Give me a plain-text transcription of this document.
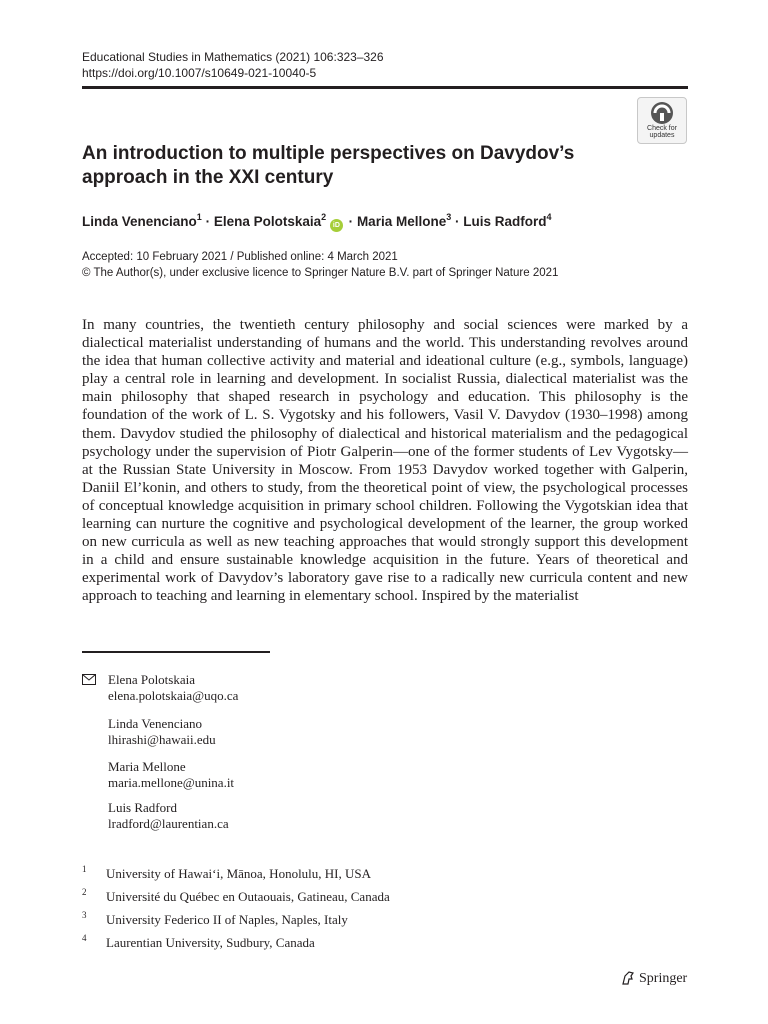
Educational Studies in Mathematics (2021) 106:323–326
https://doi.org/10.1007/s10649-021-10040-5
Check for
updates
An introduction to multiple perspectives on Davydov’s approach in the XXI century
Linda Venenciano$^1$ · Elena Polotskaia$^2$ iD · Maria Mellone$^3$ · Luis Radford$^4$
Accepted: 10 February 2021 / Published online: 4 March 2021
© The Author(s), under exclusive licence to Springer Nature B.V. part of Springer Nature 2021

In many countries, the twentieth century philosophy and social sciences were marked by a dialectical materialist understanding of humans and the world. This understanding revolves around the idea that human collective activity and material and ideational culture (e.g., symbols, language) play a central role in learning and development. In socialist Russia, dialectical materialist was the main philosophy that shaped research in psychology and education. This philosophy is the foundation of the work of L. S. Vygotsky and his followers, Vasil V. Davydov (1930–1998) among them. Davydov studied the philosophy of dialectical and historical materialism and the pedagogical psychology under the supervision of Piotr Galperin—one of the former students of Lev Vygotsky—at the Russian State University in Moscow. From 1953 Davydov worked together with Galperin, Daniil El’konin, and others to study, from the theoretical point of view, the psychological processes of conceptual knowledge acquisition in primary school children. Following the Vygotskian idea that learning can nurture the cognitive and psychological development of the learner, the group worked on new curricula as well as new teaching approaches that would strongly support this development in a child and ensure sustainable knowledge acquisition in the future. Years of theoretical and experimental work of Davydov’s laboratory gave rise to a radically new curricula content and new approach to teaching and learning in elementary school. Inspired by the materialist

Elena Polotskaia
elena.polotskaia@uqo.ca
Linda Venenciano
lhirashi@hawaii.edu
Maria Mellone
maria.mellone@unina.it
Luis Radford
lradford@laurentian.ca
1 University of Hawai‘i, Mānoa, Honolulu, HI, USA
2 Université du Québec en Outaouais, Gatineau, Canada
3 University Federico II of Naples, Naples, Italy
4 Laurentian University, Sudbury, Canada
Springer
